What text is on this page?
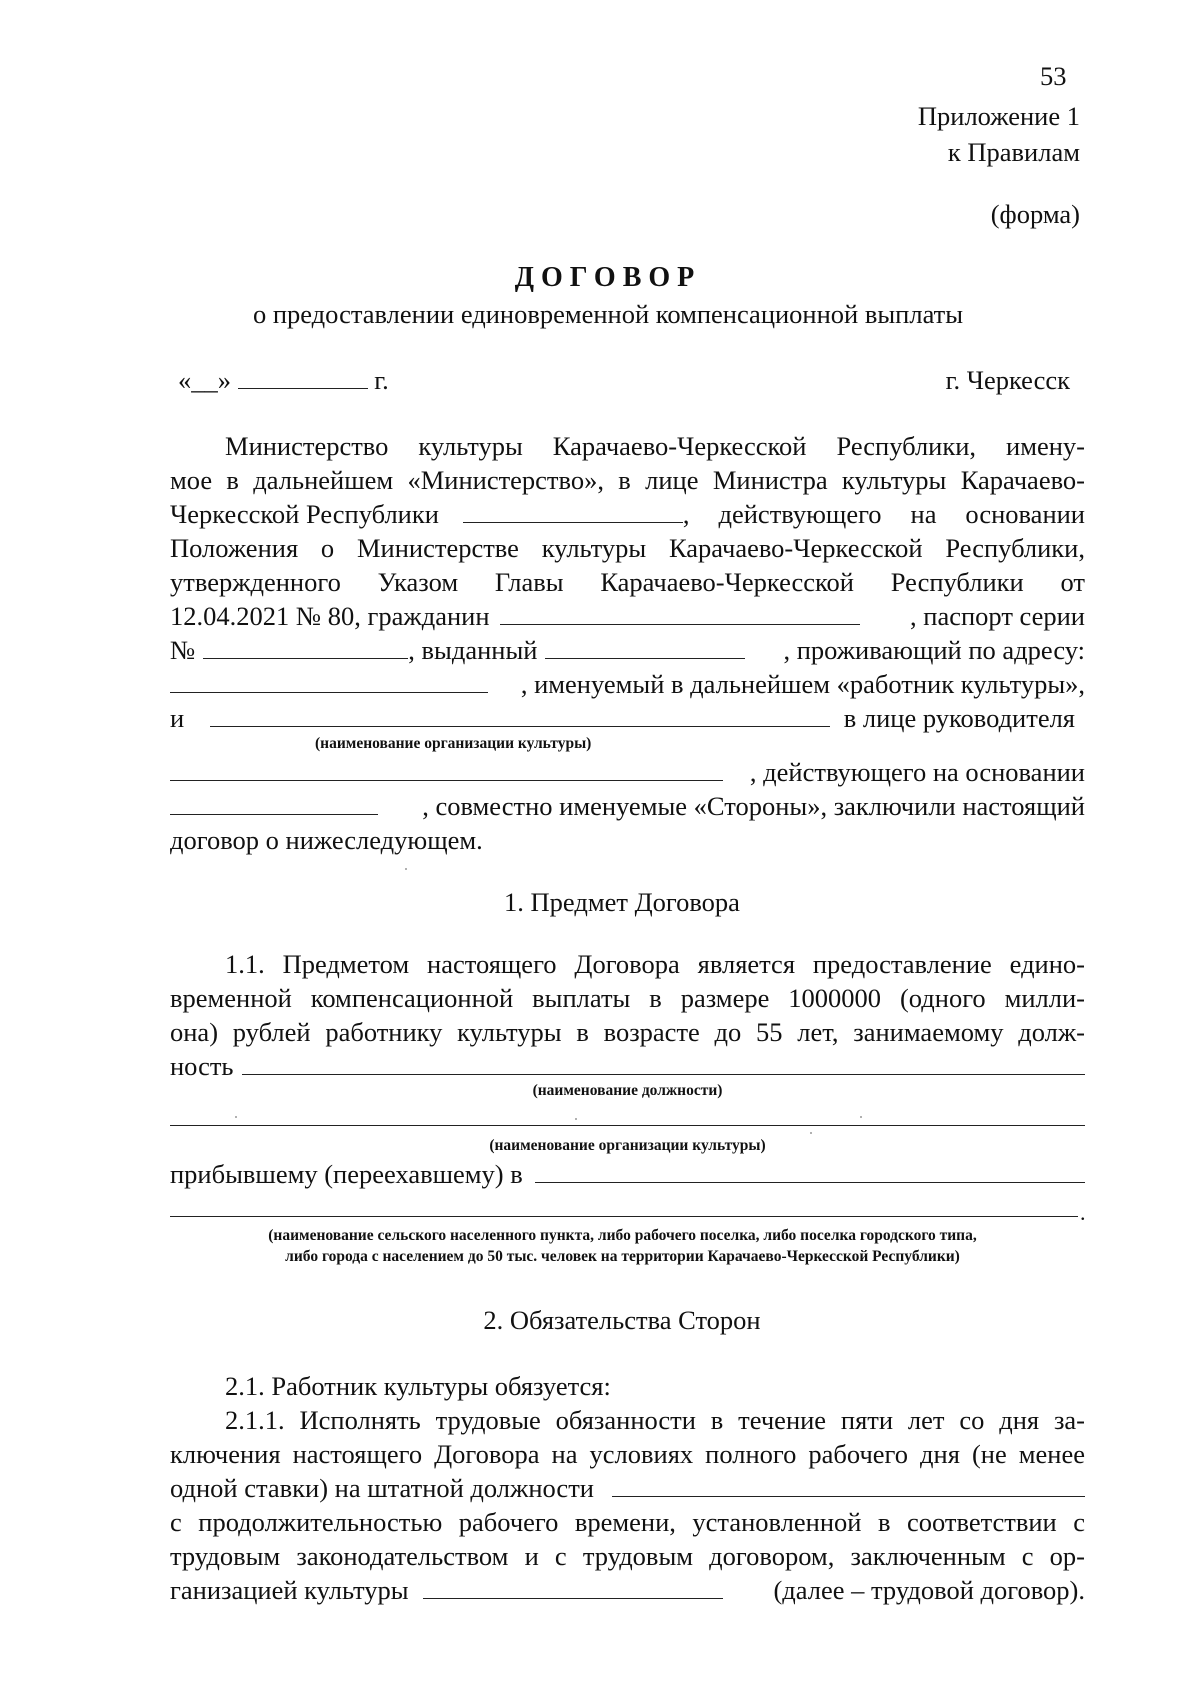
53
Приложение 1
к Правилам
(форма)
ДОГОВОР
о предоставлении единовременной компенсационной выплаты
«__»	г.	г. Черкесск
Министерство культуры Карачаево-Черкесской Республики, имену-
мое в дальнейшем «Министерство», в лице Министра культуры Карачаево-
Черкесской Республики	, действующего на основании
Положения о Министерстве культуры Карачаево-Черкесской Республики,
утвержденного Указом Главы Карачаево-Черкесской Республики от
12.04.2021 № 80, гражданин	, паспорт серии
№	, выданный	, проживающий по адресу:
, именуемый в дальнейшем «работник культуры»,
и	в лице руководителя
(наименование организации культуры)
, действующего на основании
, совместно именуемые «Стороны», заключили настоящий
договор о нижеследующем.
1. Предмет Договора
1.1. Предметом настоящего Договора является предоставление едино-
временной компенсационной выплаты в размере 1000000 (одного милли-
она) рублей работнику культуры в возрасте до 55 лет, занимаемому долж-
ность
(наименование должности)
(наименование организации культуры)
прибывшему (переехавшему) в
.
(наименование сельского населенного пункта, либо рабочего поселка, либо поселка городского типа,
либо города с населением до 50 тыс. человек на территории Карачаево-Черкесской Республики)
2. Обязательства Сторон
2.1. Работник культуры обязуется:
2.1.1. Исполнять трудовые обязанности в течение пяти лет со дня за-
ключения настоящего Договора на условиях полного рабочего дня (не менее
одной ставки) на штатной должности
с продолжительностью рабочего времени, установленной в соответствии с
трудовым законодательством и с трудовым договором, заключенным с ор-
ганизацией культуры	(далее – трудовой договор).
